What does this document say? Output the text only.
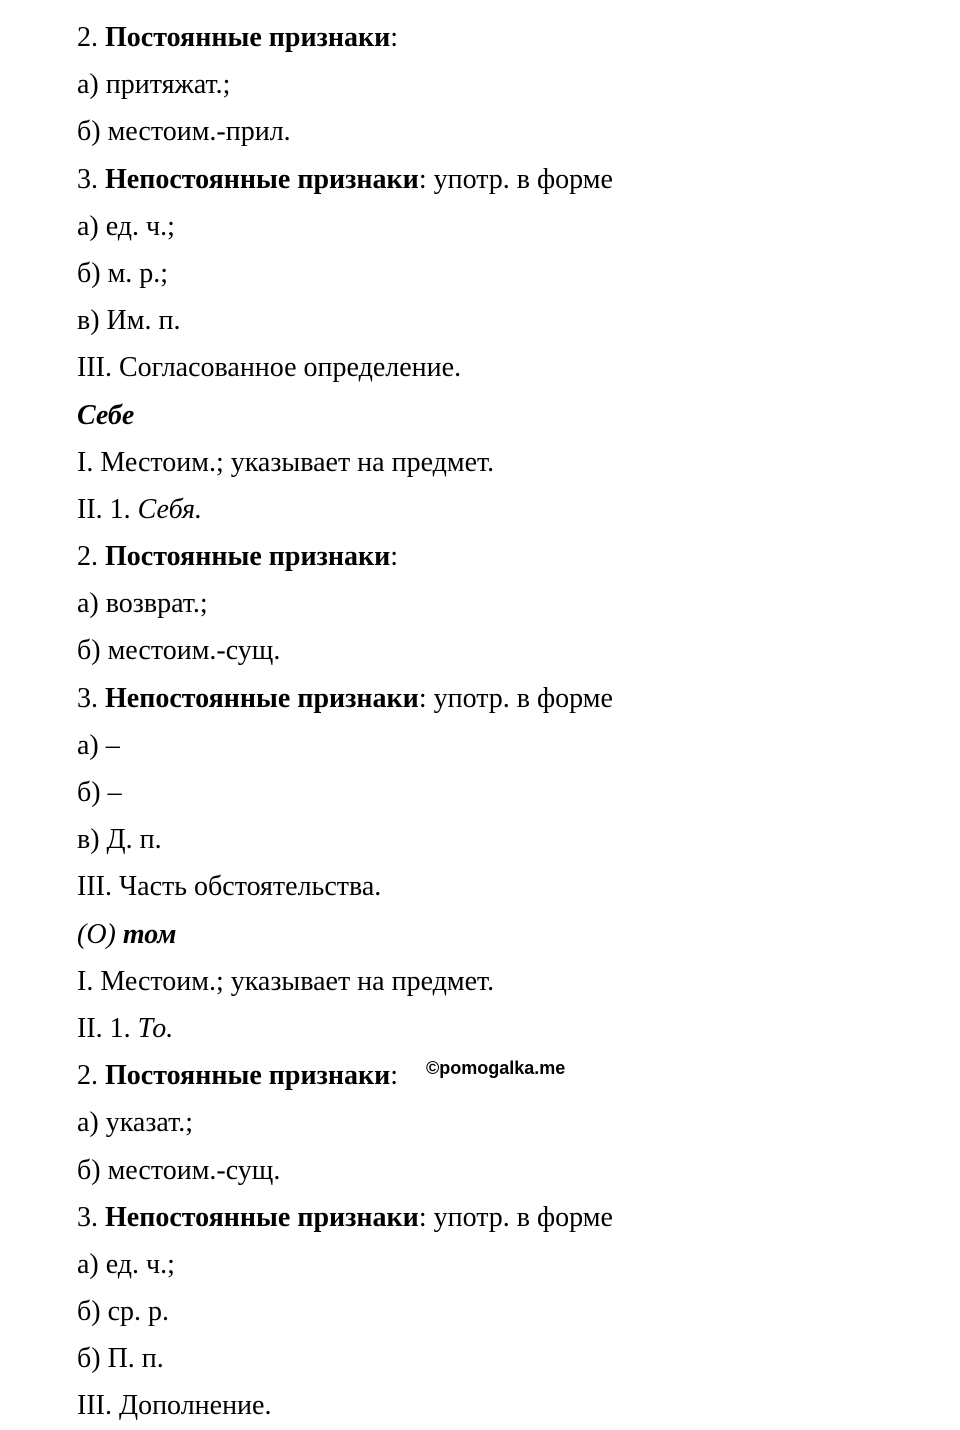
2. Постоянные признаки:
а) притяжат.;
б) местоим.-прил.
3. Непостоянные признаки: употр. в форме
а) ед. ч.;
б) м. р.;
в) Им. п.
III. Согласованное определение.
Себе
I. Местоим.; указывает на предмет.
II. 1. Себя.
2. Постоянные признаки:
а) возврат.;
б) местоим.-сущ.
3. Непостоянные признаки: употр. в форме
а) –
б) –
в) Д. п.
III. Часть обстоятельства.
(О) том
I. Местоим.; указывает на предмет.
II. 1. То.
2. Постоянные признаки:
а) указат.;
б) местоим.-сущ.
3. Непостоянные признаки: употр. в форме
а) ед. ч.;
б) ср. р.
б) П. п.
III. Дополнение.
©pomogalka.me
